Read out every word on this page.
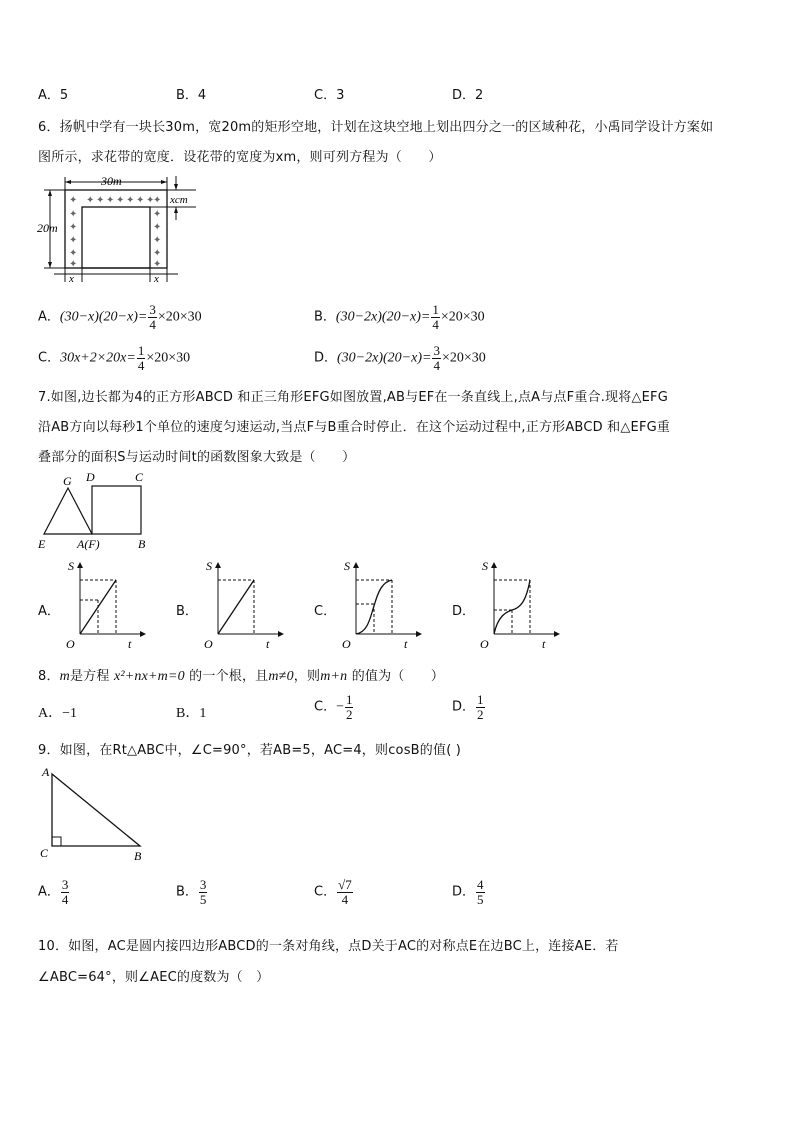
A．5	B．4	C．3	D．2
6．扬帆中学有一块长30m，宽20m的矩形空地，计划在这块空地上划出四分之一的区域种花，小禹同学设计方案如
图所示，求花带的宽度．设花带的宽度为xm，则可列方程为（　　）
✦ ✦ ✦ ✦ ✦ ✦ ✦
✦	✦
✦
✦
✦
✦
✦
✦
✦
✦
✦
✦
30m
20m
xcm
x	x
A．$(30-x)(20-x)= \frac{3}{4} \times 20\times 30$	B．$(30-2x)(20-x)= \frac{1}{4} \times 20\times 30$
C．$30x+2\times 20x= \frac{1}{4} \times 20\times 30$	D．$(30-2x)(20-x)= \frac{3}{4} \times 20\times 30$
7.如图,边长都为4的正方形ABCD 和正三角形EFG如图放置,AB与EF在一条直线上,点A与点F重合.现将△EFG
沿AB方向以每秒1个单位的速度匀速运动,当点F与B重合时停止．在这个运动过程中,正方形ABCD 和△EFG重
叠部分的面积S与运动时间t的函数图象大致是（　　）
G D	C
E	A(F)	B
A．
S
O	t
B．
S
O	t
C．
S
O	t
D．
S
O	t
8．m是方程 x²+nx+m=0 的一个根，且m≠0，则m+n 的值为（　　）
A．−1	B．1	C．− $\frac{1}{2}$	D． $\frac{1}{2}$
9．如图，在Rt△ABC中，∠C=90°，若AB=5，AC=4，则cosB的值( )
A
C	B
A． $\frac{3}{4}$	B． $\frac{3}{5}$	C． $\frac{√7}{4}$	D． $\frac{4}{5}$
10．如图，AC是圆内接四边形ABCD的一条对角线，点D关于AC的对称点E在边BC上，连接AE．若
∠ABC=64°，则∠AEC的度数为（　）
